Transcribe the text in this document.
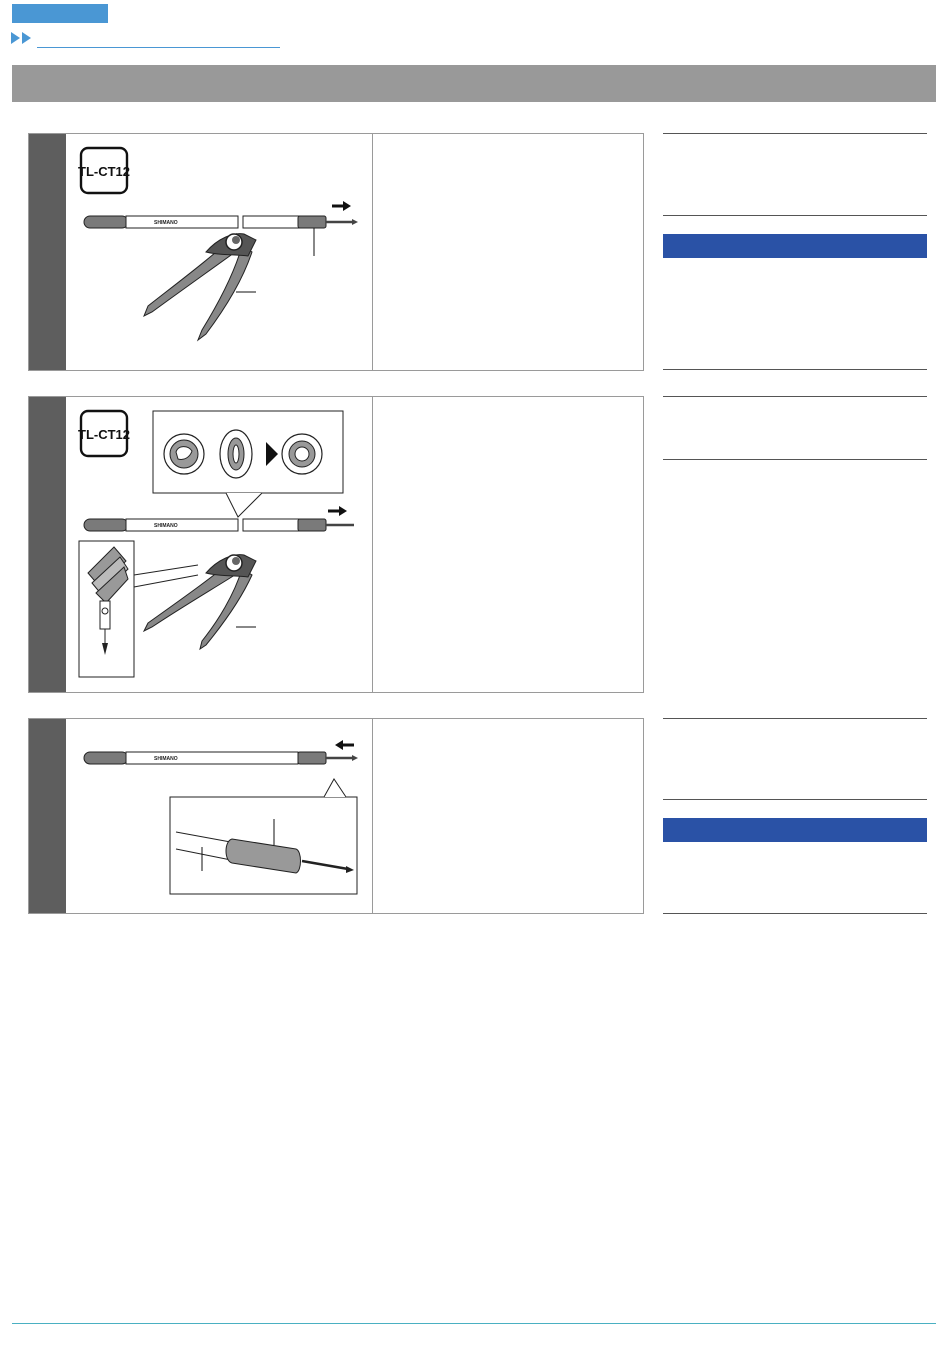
TL-CT12
SHIMANO
TL-CT12
SHIMANO
SHIMANO
